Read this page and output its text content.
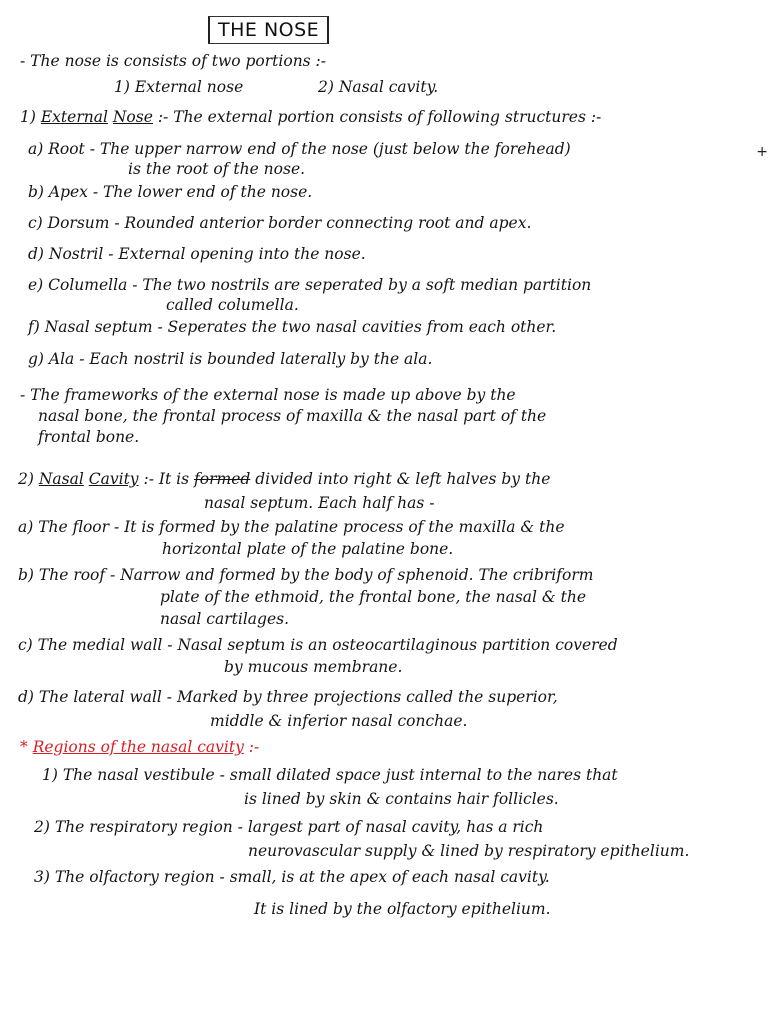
THE NOSE
- The nose is consists of two portions :-
1) External nose	2) Nasal cavity.
1) External Nose :- The external portion consists of following structures :-
a) Root - The upper narrow end of the nose (just below the forehead)
is the root of the nose.
b) Apex - The lower end of the nose.
c) Dorsum - Rounded anterior border connecting root and apex.
d) Nostril - External opening into the nose.
e) Columella - The two nostrils are seperated by a soft median partition
called columella.
f) Nasal septum - Seperates the two nasal cavities from each other.
g) Ala - Each nostril is bounded laterally by the ala.
- The frameworks of the external nose is made up above by the
nasal bone, the frontal process of maxilla & the nasal part of the
frontal bone.
2) Nasal Cavity :- It is formed divided into right & left halves by the
nasal septum. Each half has -
a) The floor - It is formed by the palatine process of the maxilla & the
horizontal plate of the palatine bone.
b) The roof - Narrow and formed by the body of sphenoid. The cribriform
plate of the ethmoid, the frontal bone, the nasal & the
nasal cartilages.
c) The medial wall - Nasal septum is an osteocartilaginous partition covered
by mucous membrane.
d) The lateral wall - Marked by three projections called the superior,
middle & inferior nasal conchae.
* Regions of the nasal cavity :-
1) The nasal vestibule - small dilated space just internal to the nares that
is lined by skin & contains hair follicles.
2) The respiratory region - largest part of nasal cavity, has a rich
neurovascular supply & lined by respiratory epithelium.
3) The olfactory region - small, is at the apex of each nasal cavity.
It is lined by the olfactory epithelium.
+
